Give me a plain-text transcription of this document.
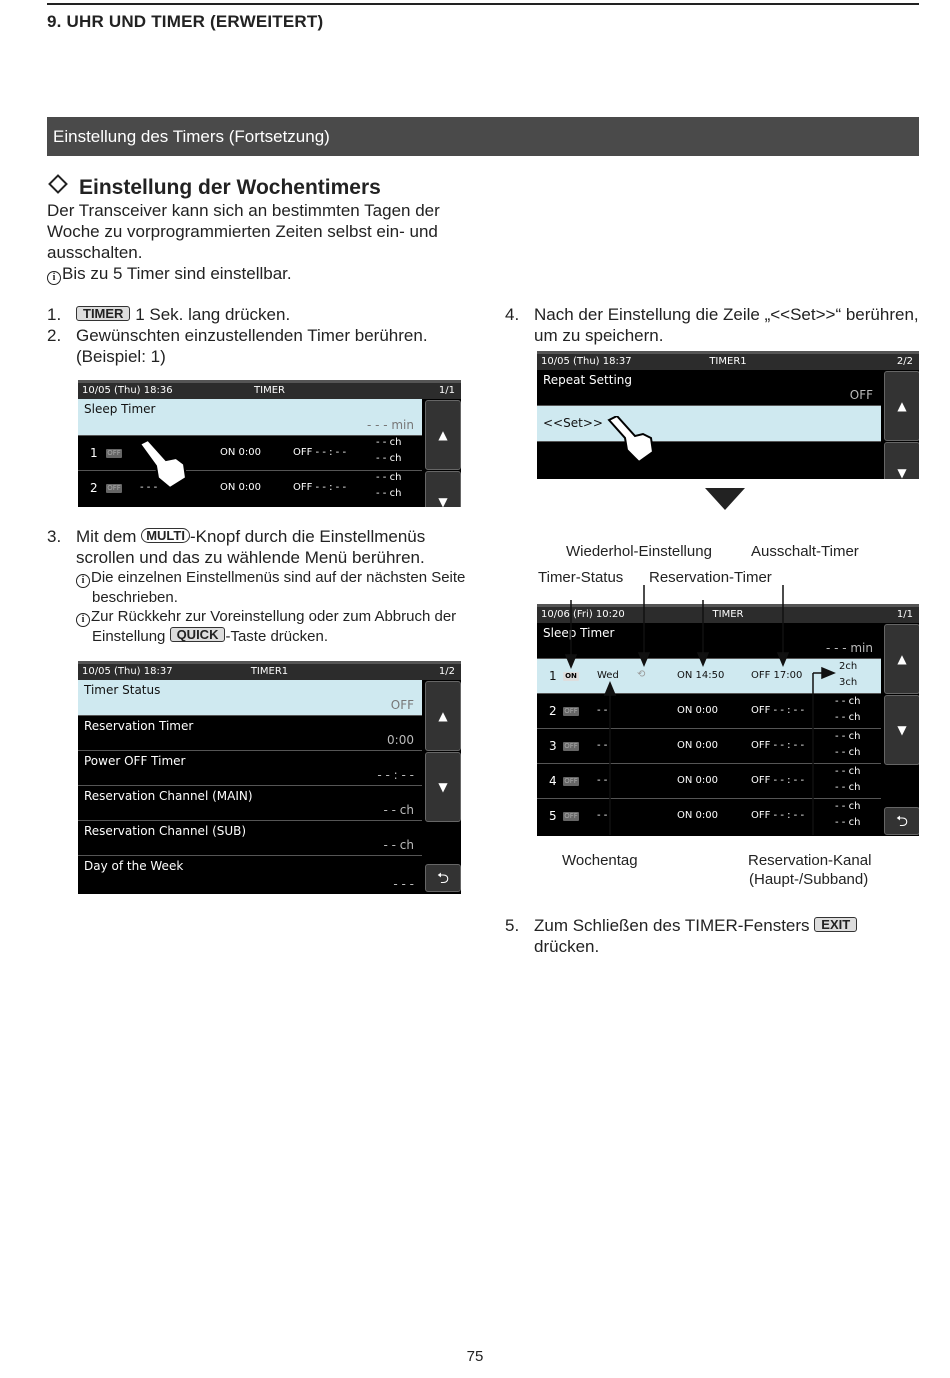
9. UHR UND TIMER (ERWEITERT)
Einstellung des Timers (Fortsetzung)
Einstellung der Wochentimers
Der Transceiver kann sich an bestimmten Tagen der Woche zu vorprogrammierten Zeiten selbst ein- und ausschalten.
i Bis zu 5 Timer sind einstellbar.
1.	TIMER 1 Sek. lang drücken.
2. Gewünschten einzustellenden Timer berühren. (Beispiel: 1)
10/05 (Thu) 18:36	TIMER	1/1
Sleep Timer
- - - min
1 OFF	ON 0:00	OFF - - : - -
- - ch
- - ch
2 OFF - - -	ON 0:00	OFF - - : - -
- - ch
- - ch
▲
▼
3. Mit dem MULTI -Knopf durch die Einstellmenüs scrollen und das zu wählende Menü berühren.
i Die einzelnen Einstellmenüs sind auf der nächsten Seite beschrieben.
i Zur Rückkehr zur Voreinstellung oder zum Abbruch der Einstellung QUICK -Taste drücken.
10/05 (Thu) 18:37	TIMER1	1/2
Timer Status
OFF
Reservation Timer
0:00
Power OFF Timer
- - : - -
Reservation Channel (MAIN)
- - ch
Reservation Channel (SUB)
- - ch
Day of the Week
- - -
▲
▼
⮌
4. Nach der Einstellung die Zeile „<<Set>>“ berühren, um zu speichern.
10/05 (Thu) 18:37	TIMER1	2/2
Repeat Setting
OFF
<<Set>>
▲
▼
Wiederhol-Einstellung	Ausschalt-Timer
Timer-Status Reservation-Timer
10/06 (Fri) 10:20	TIMER	1/1
Sleep Timer
- - - min
1 ON Wed ⟲	ON 14:50	OFF 17:00
2ch
3ch
2 OFF - -	ON 0:00	OFF - - : - -
- - ch
- - ch
3 OFF - -	ON 0:00	OFF - - : - -
- - ch
- - ch
4 OFF - -	ON 0:00	OFF - - : - -
- - ch
- - ch
5 OFF - -	ON 0:00	OFF - - : - -
- - ch
- - ch
▲
▼
⮌
Wochentag	Reservation-Kanal
(Haupt-/Subband)
5. Zum Schließen des TIMER-Fensters EXIT drücken.
75
